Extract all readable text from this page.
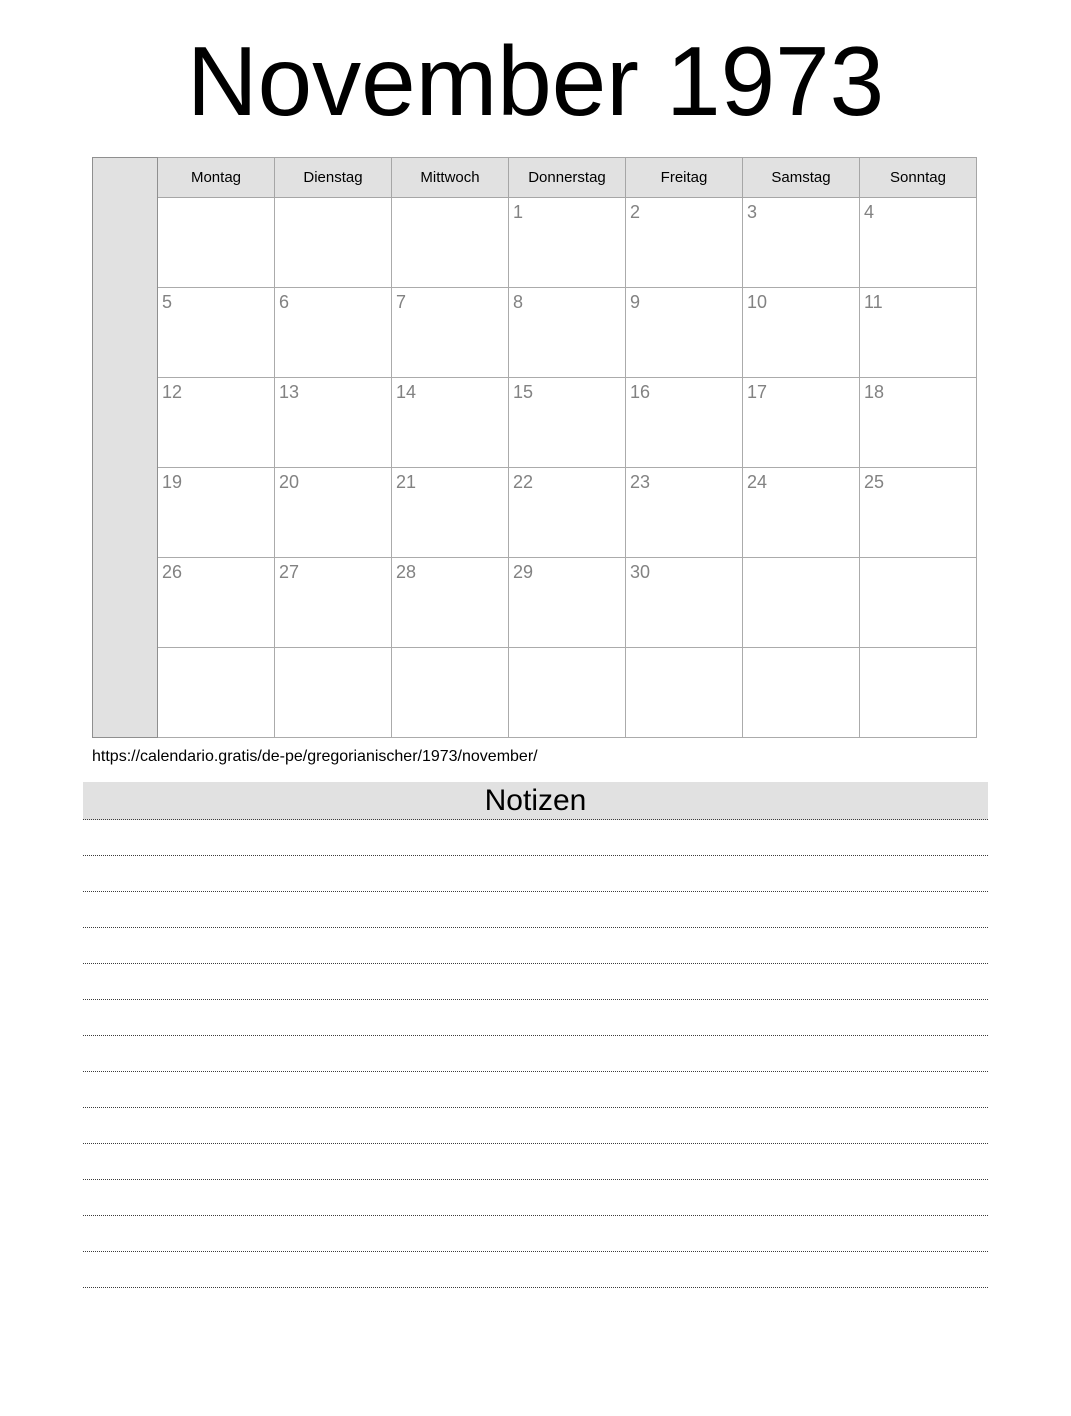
November 1973
	Montag	Dienstag	Mittwoch	Donnerstag	Freitag	Samstag	Sonntag
				1	2	3	4
	5	6	7	8	9	10	11
	12	13	14	15	16	17	18
	19	20	21	22	23	24	25
	26	27	28	29	30		

https://calendario.gratis/de-pe/gregorianischer/1973/november/
Notizen
